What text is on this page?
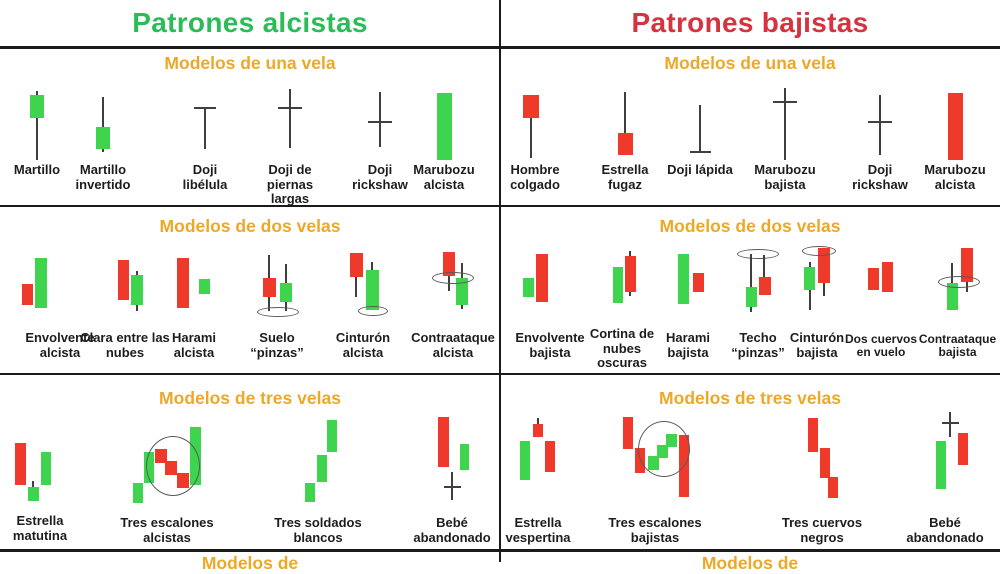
Patrones alcistas	Patrones bajistas
Modelos de una vela	Modelos de una vela
Modelos de dos velas	Modelos de dos velas
Modelos de tres velas	Modelos de tres velas
Modelos de	Modelos de
Martillo	Martillo invertido
Doji libélula
Doji de piernas largas
Doji rickshaw
Marubozu alcista
Envolvente alcista
Clara entre las nubes
Harami alcista
Suelo “pinzas”
Cinturón alcista
Contraataque alcista
Estrella matutina
Tres escalones alcistas
Tres soldados blancos
Bebé abandonado
Hombre colgado
Estrella fugaz
Doji lápida	Marubozu bajista
Doji rickshaw
Marubozu alcista
Envolvente bajista
Cortina de nubes oscuras
Harami bajista
Techo “pinzas”
Cinturón bajista
Dos cuervos en vuelo
Contraataque bajista
Estrella vespertina
Tres escalones bajistas
Tres cuervos negros
Bebé abandonado
